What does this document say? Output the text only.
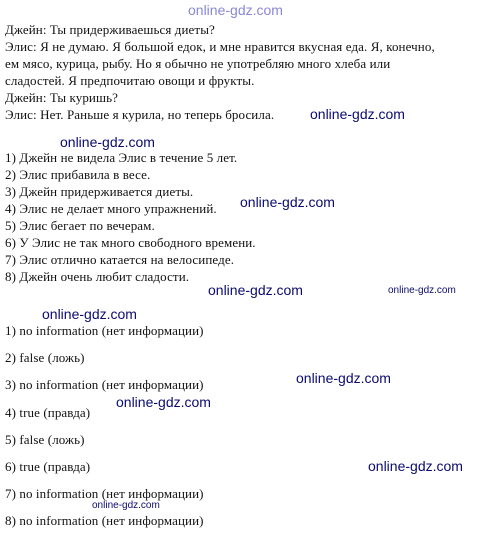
online-gdz.com
Джейн: Ты придерживаешься диеты?
Элис: Я не думаю. Я большой едок, и мне нравится вкусная еда. Я, конечно,
ем мясо, курица, рыбу. Но я обычно не употребляю много хлеба или
сладостей. Я предпочитаю овощи и фрукты.
Джейн: Ты куришь?
Элис: Нет. Раньше я курила, но теперь бросила.
1) Джейн не видела Элис в течение 5 лет.
2) Элис прибавила в весе.
3) Джейн придерживается диеты.
4) Элис не делает много упражнений.
5) Элис бегает по вечерам.
6) У Элис не так много свободного времени.
7) Элис отлично катается на велосипеде.
8) Джейн очень любит сладости.
1) no information (нет информации)
2) false (ложь)
3) no information (нет информации)
4) true (правда)
5) false (ложь)
6) true (правда)
7) no information (нет информации)
8) no information (нет информации)
online-gdz.com
online-gdz.com
online-gdz.com
online-gdz.com	online-gdz.com
online-gdz.com
online-gdz.com
online-gdz.com
online-gdz.com
online-gdz.com
